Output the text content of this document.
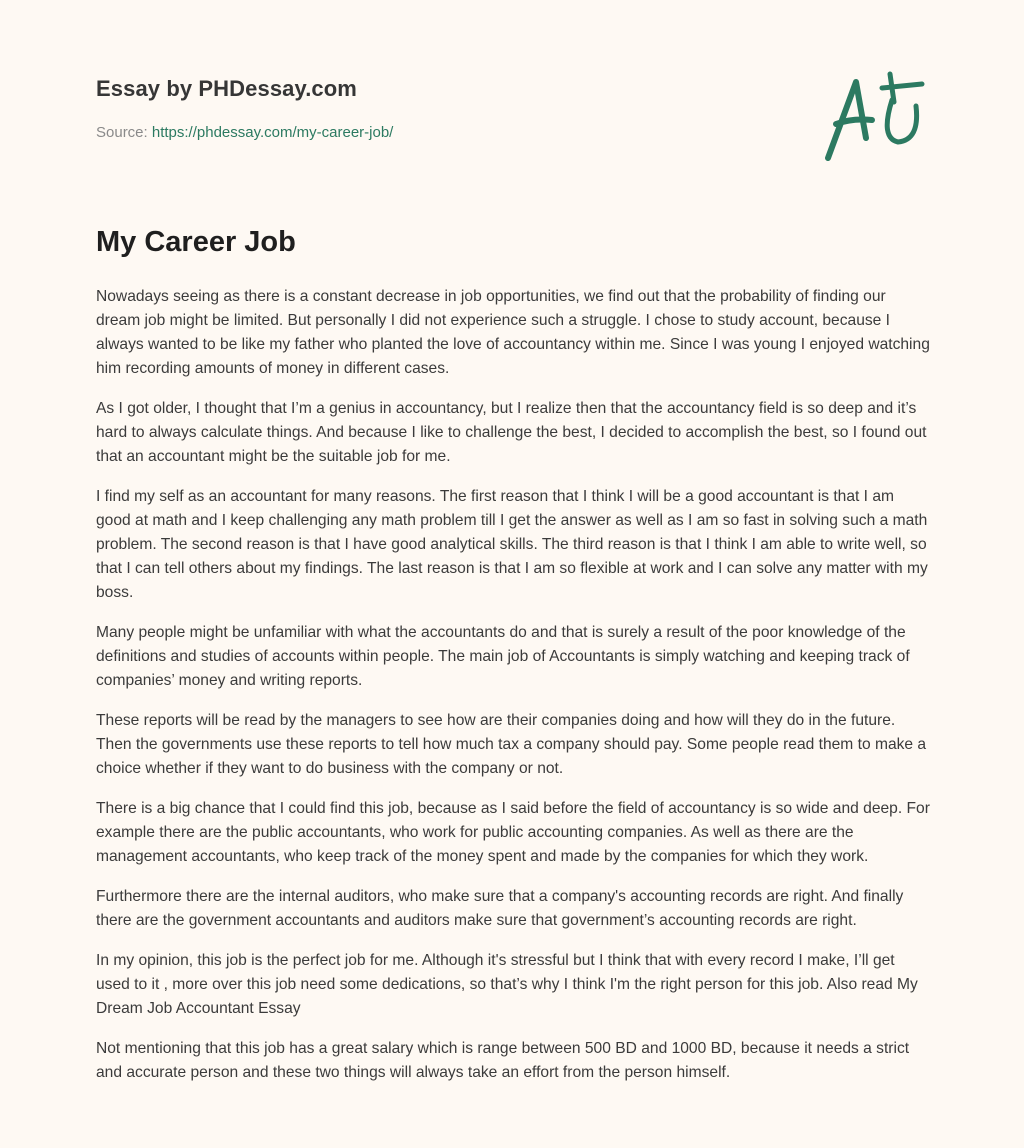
Essay by PHDessay.com
Source: https://phdessay.com/my-career-job/
My Career Job

Nowadays seeing as there is a constant decrease in job opportunities, we find out that the probability of finding our dream job might be limited. But personally I did not experience such a struggle. I chose to study account, because I always wanted to be like my father who planted the love of accountancy within me. Since I was young I enjoyed watching him recording amounts of money in different cases.

As I got older, I thought that I’m a genius in accountancy, but I realize then that the accountancy field is so deep and it’s hard to always calculate things. And because I like to challenge the best, I decided to accomplish the best, so I found out that an accountant might be the suitable job for me.

I find my self as an accountant for many reasons. The first reason that I think I will be a good accountant is that I am good at math and I keep challenging any math problem till I get the answer as well as I am so fast in solving such a math problem. The second reason is that I have good analytical skills. The third reason is that I think I am able to write well, so that I can tell others about my findings. The last reason is that I am so flexible at work and I can solve any matter with my boss.

Many people might be unfamiliar with what the accountants do and that is surely a result of the poor knowledge of the definitions and studies of accounts within people. The main job of Accountants is simply watching and keeping track of companies’ money and writing reports.

These reports will be read by the managers to see how are their companies doing and how will they do in the future. Then the governments use these reports to tell how much tax a company should pay. Some people read them to make a choice whether if they want to do business with the company or not.

There is a big chance that I could find this job, because as I said before the field of accountancy is so wide and deep. For example there are the public accountants, who work for public accounting companies. As well as there are the management accountants, who keep track of the money spent and made by the companies for which they work.

Furthermore there are the internal auditors, who make sure that a company's accounting records are right. And finally there are the government accountants and auditors make sure that government’s accounting records are right.

In my opinion, this job is the perfect job for me. Although it's stressful but I think that with every record I make, I’ll get used to it , more over this job need some dedications, so that’s why I think I'm the right person for this job. Also read My Dream Job Accountant Essay

Not mentioning that this job has a great salary which is range between 500 BD and 1000 BD, because it needs a strict and accurate person and these two things will always take an effort from the person himself.
